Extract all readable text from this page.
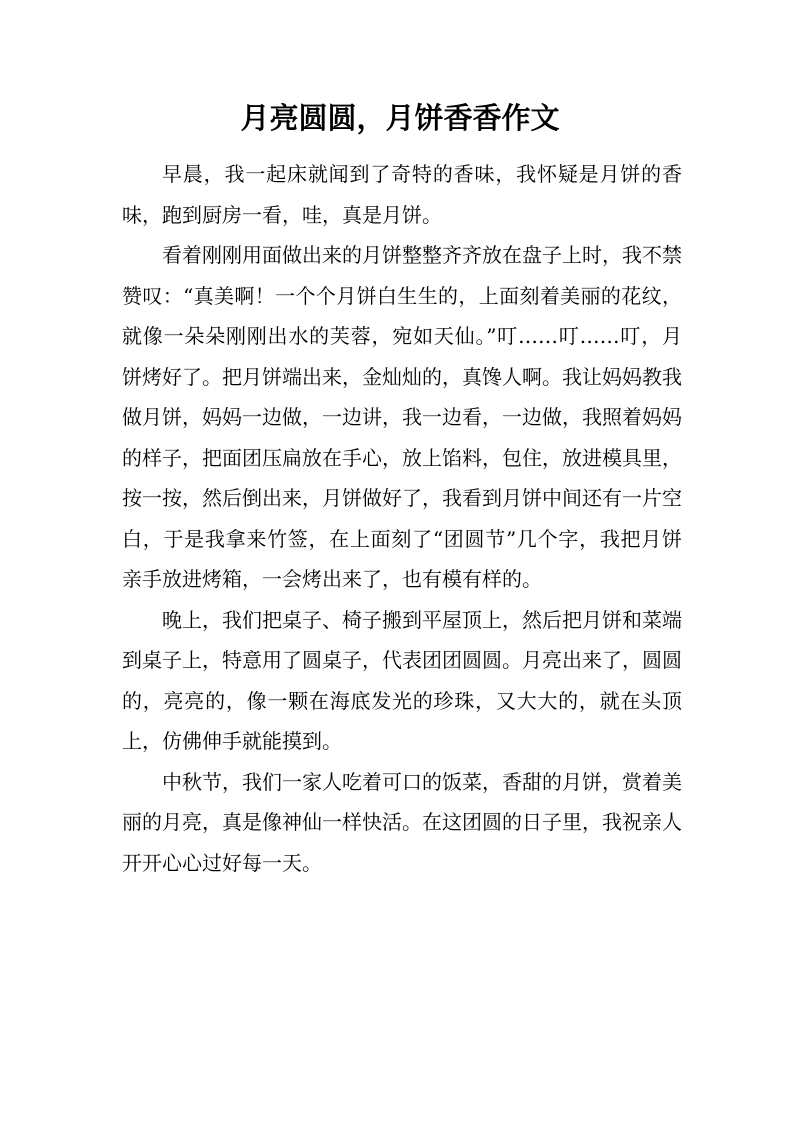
月亮圆圆，月饼香香作文

早晨，我一起床就闻到了奇特的香味，我怀疑是月饼的香味，跑到厨房一看，哇，真是月饼。

看着刚刚用面做出来的月饼整整齐齐放在盘子上时，我不禁赞叹：“真美啊！一个个月饼白生生的，上面刻着美丽的花纹，就像一朵朵刚刚出水的芙蓉，宛如天仙。”叮……叮……叮，月饼烤好了。把月饼端出来，金灿灿的，真馋人啊。我让妈妈教我做月饼，妈妈一边做，一边讲，我一边看，一边做，我照着妈妈的样子，把面团压扁放在手心，放上馅料，包住，放进模具里，按一按，然后倒出来，月饼做好了，我看到月饼中间还有一片空白，于是我拿来竹签，在上面刻了“团圆节”几个字，我把月饼亲手放进烤箱，一会烤出来了，也有模有样的。

晚上，我们把桌子、椅子搬到平屋顶上，然后把月饼和菜端到桌子上，特意用了圆桌子，代表团团圆圆。月亮出来了，圆圆的，亮亮的，像一颗在海底发光的珍珠，又大大的，就在头顶上，仿佛伸手就能摸到。

中秋节，我们一家人吃着可口的饭菜，香甜的月饼，赏着美丽的月亮，真是像神仙一样快活。在这团圆的日子里，我祝亲人开开心心过好每一天。
